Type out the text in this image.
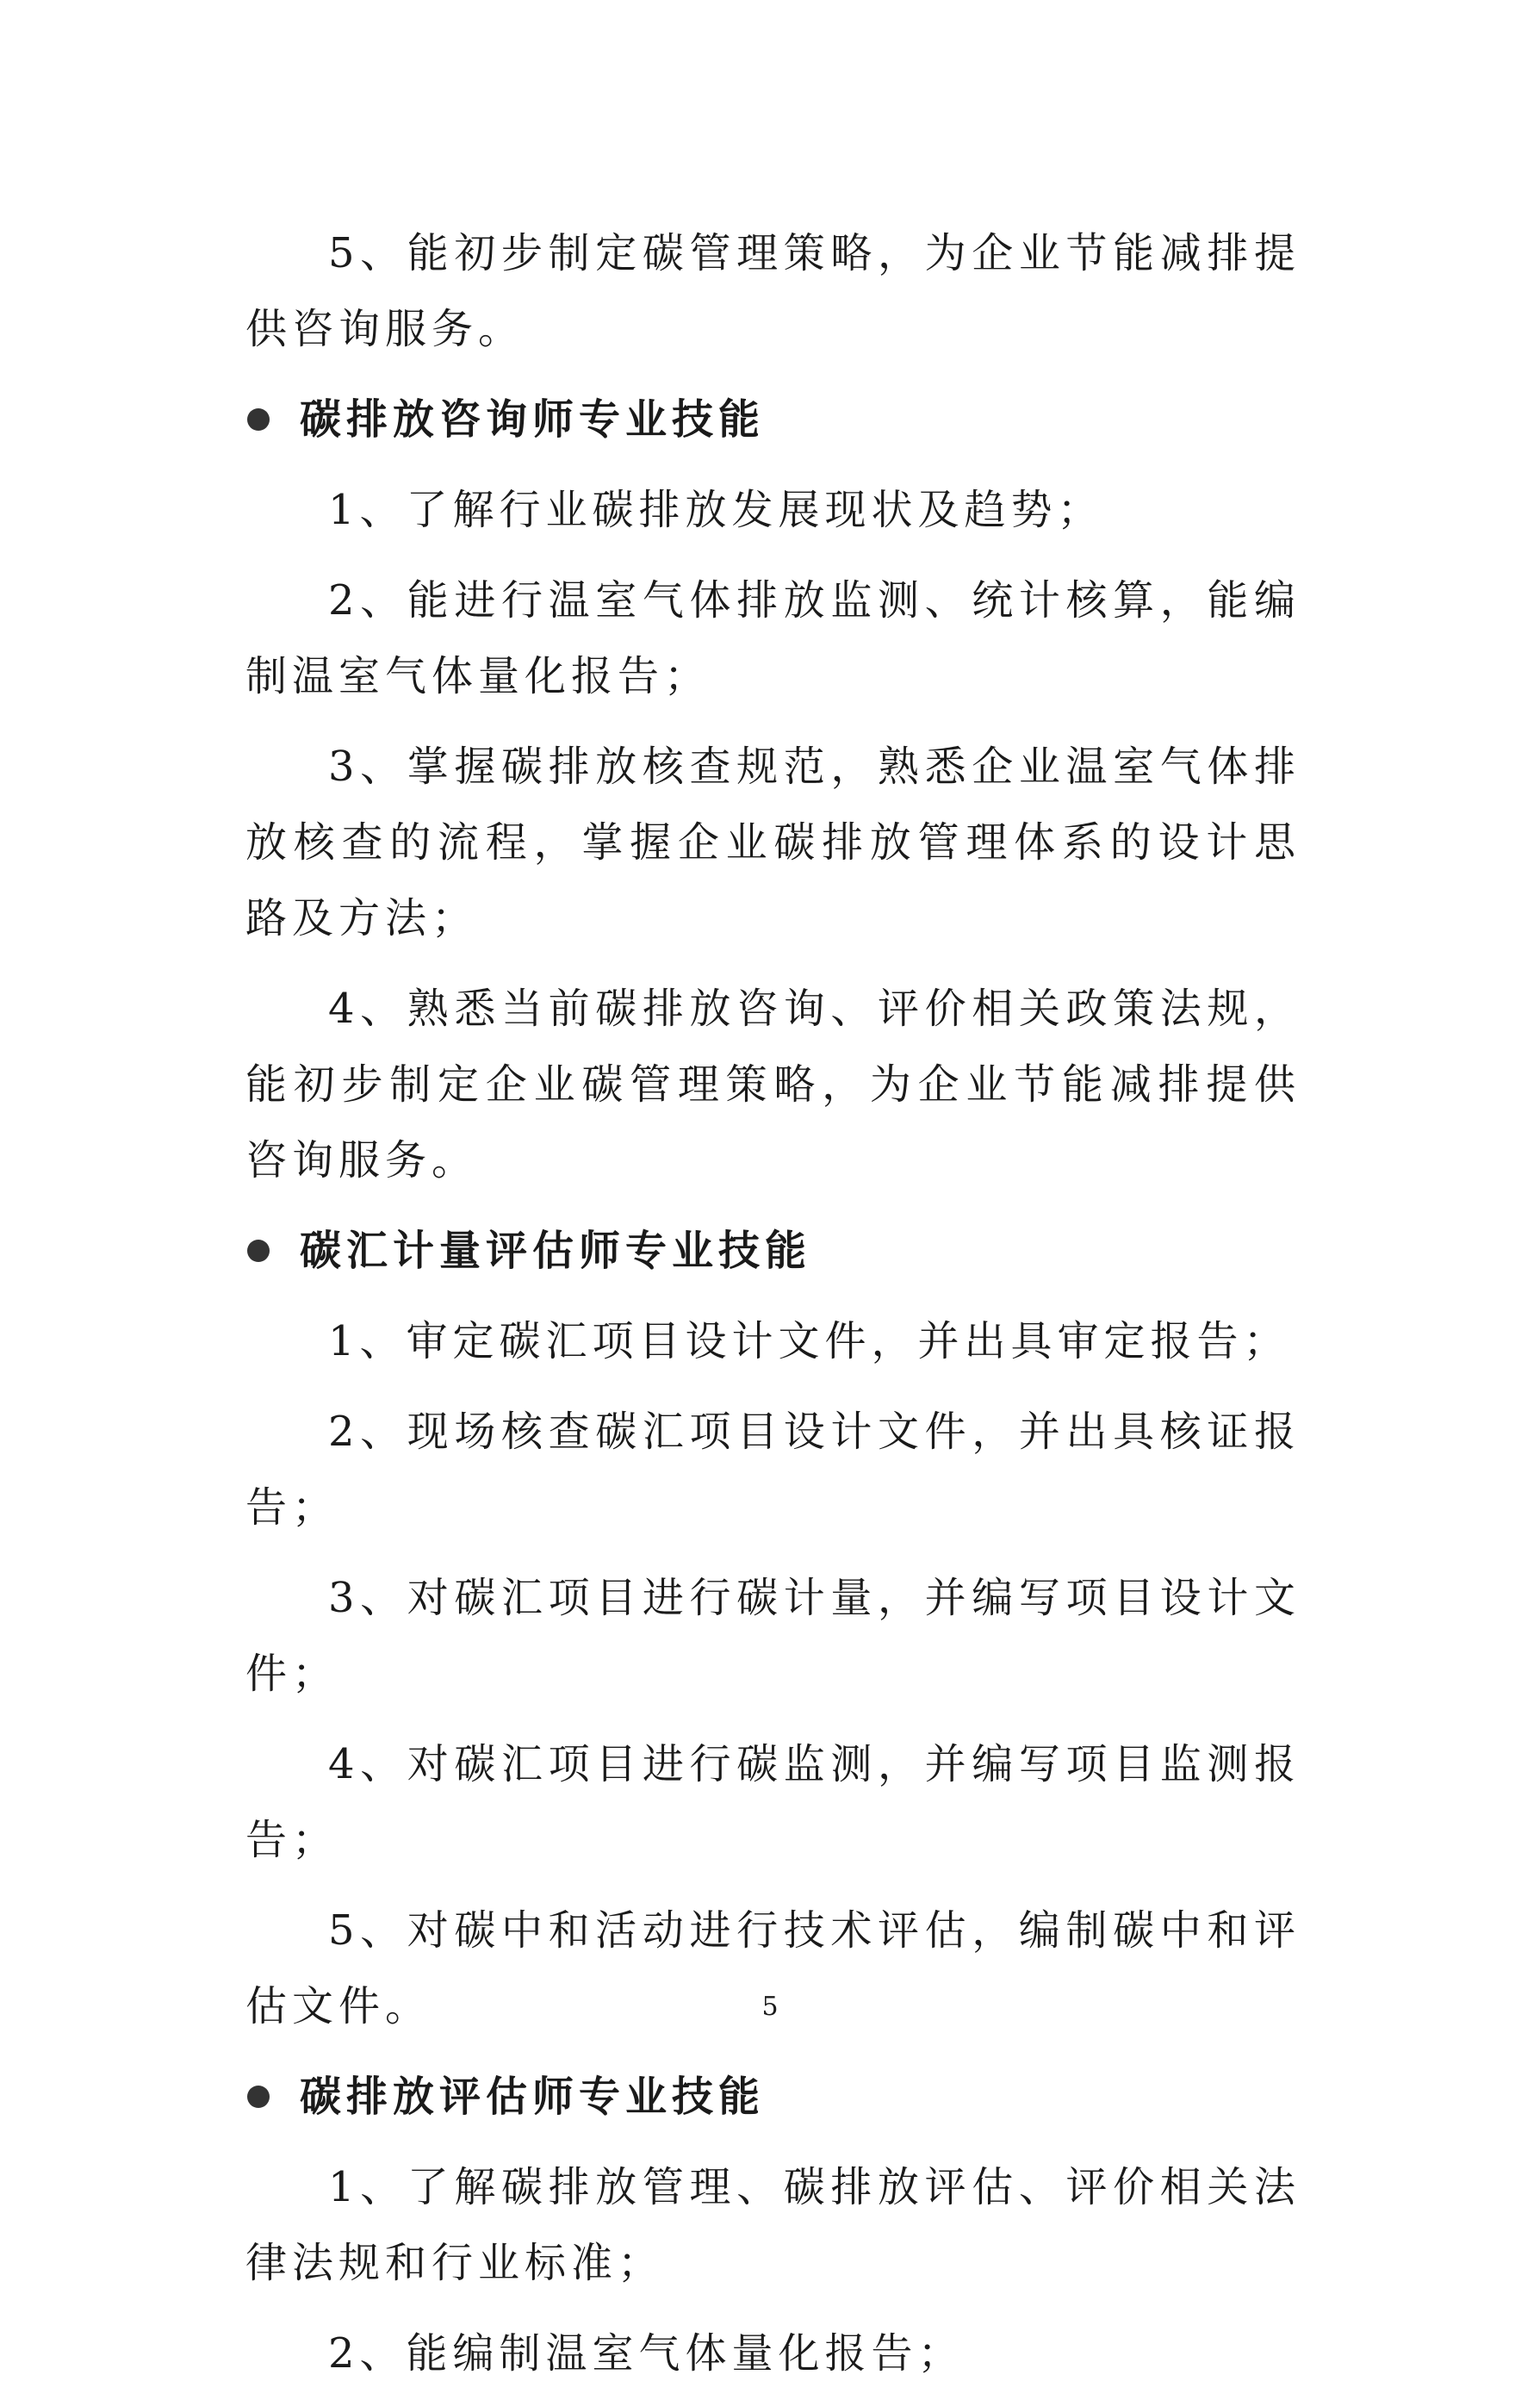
5、能初步制定碳管理策略，为企业节能减排提供咨询服务。

碳排放咨询师专业技能

1、了解行业碳排放发展现状及趋势；

2、能进行温室气体排放监测、统计核算，能编制温室气体量化报告；

3、掌握碳排放核查规范，熟悉企业温室气体排放核查的流程，掌握企业碳排放管理体系的设计思路及方法；

4、熟悉当前碳排放咨询、评价相关政策法规，能初步制定企业碳管理策略，为企业节能减排提供咨询服务。

碳汇计量评估师专业技能

1、审定碳汇项目设计文件，并出具审定报告；

2、现场核查碳汇项目设计文件，并出具核证报告；

3、对碳汇项目进行碳计量，并编写项目设计文件；

4、对碳汇项目进行碳监测，并编写项目监测报告；

5、对碳中和活动进行技术评估，编制碳中和评估文件。

碳排放评估师专业技能

1、了解碳排放管理、碳排放评估、评价相关法律法规和行业标准；

2、能编制温室气体量化报告；

5
